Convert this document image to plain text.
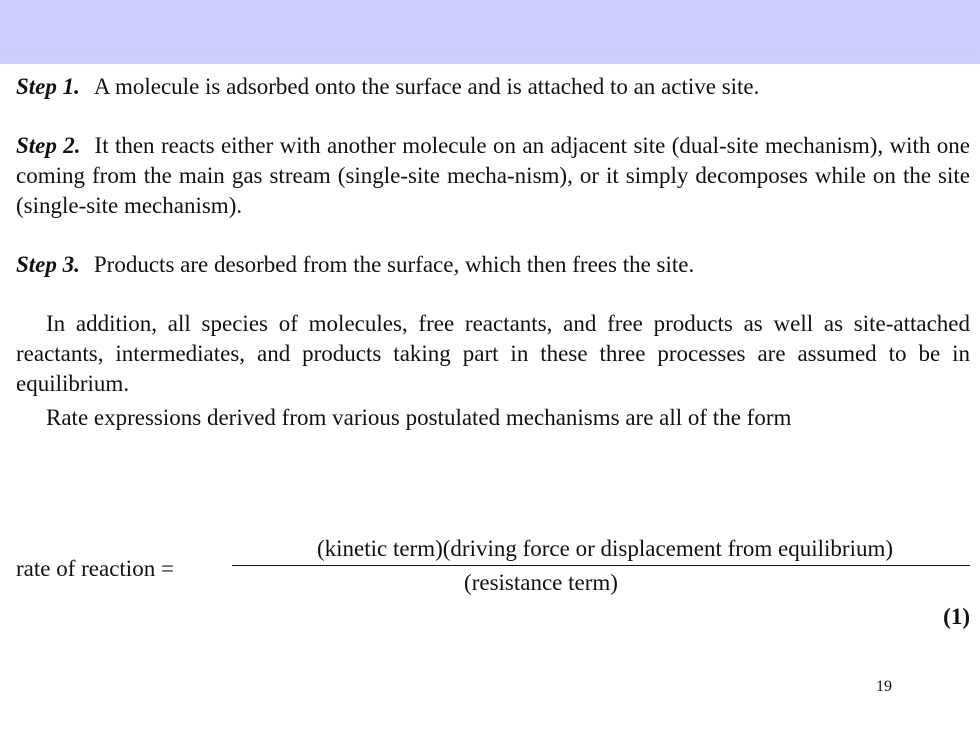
Step 1. A molecule is adsorbed onto the surface and is attached to an active site.

Step 2. It then reacts either with another molecule on an adjacent site (dual-site mechanism), with one coming from the main gas stream (single-site mecha-nism), or it simply decomposes while on the site (single-site mechanism).

Step 3. Products are desorbed from the surface, which then frees the site.

In addition, all species of molecules, free reactants, and free products as well as site-attached reactants, intermediates, and products taking part in these three processes are assumed to be in equilibrium.

Rate expressions derived from various postulated mechanisms are all of the form

rate of reaction =
(kinetic term)(driving force or displacement from equilibrium)
(resistance term)
(1)
19
